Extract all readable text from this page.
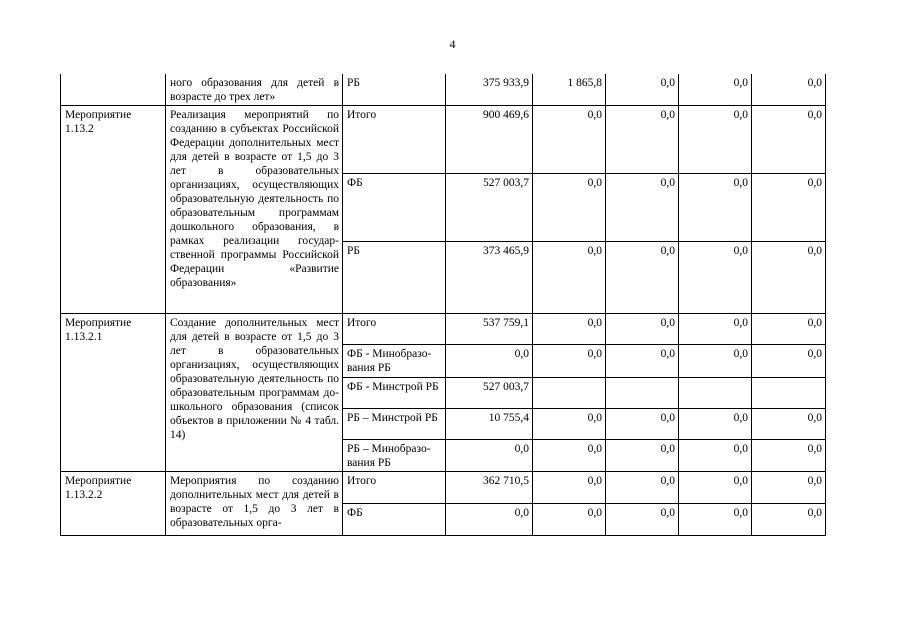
4
	ного образования для детей в возрасте до трех лет»	РБ	375 933,9	1 865,8	0,0	0,0	0,0
Мероприятие 1.13.2	Реализация мероприятий по созданию в субъектах Российской Федерации дополнительных мест для детей в возрасте от 1,5 до 3 лет в образовательных организациях, осуществляющих образовательную деятельность по образовательным программам дошкольного образования, в рамках реализации государственной программы Российской Федерации «Развитие образования»	Итого	900 469,6	0,0	0,0	0,0	0,0
		ФБ	527 003,7	0,0	0,0	0,0	0,0
		РБ	373 465,9	0,0	0,0	0,0	0,0
Мероприятие 1.13.2.1	Создание дополнительных мест для детей в возрасте от 1,5 до 3 лет в образовательных организациях, осуществляющих образовательную деятельность по образовательным программам дошкольного образования (список объектов в приложении № 4 табл. 14)	Итого	537 759,1	0,0	0,0	0,0	0,0
		ФБ - Минобразования РБ	0,0	0,0	0,0	0,0	0,0
		ФБ - Минстрой РБ	527 003,7				
		РБ – Минстрой РБ	10 755,4	0,0	0,0	0,0	0,0
		РБ – Минобразования РБ	0,0	0,0	0,0	0,0	0,0
Мероприятие 1.13.2.2	Мероприятия по созданию дополнительных мест для детей в возрасте от 1,5 до 3 лет в образовательных орга-	Итого	362 710,5	0,0	0,0	0,0	0,0
		ФБ	0,0	0,0	0,0	0,0	0,0
